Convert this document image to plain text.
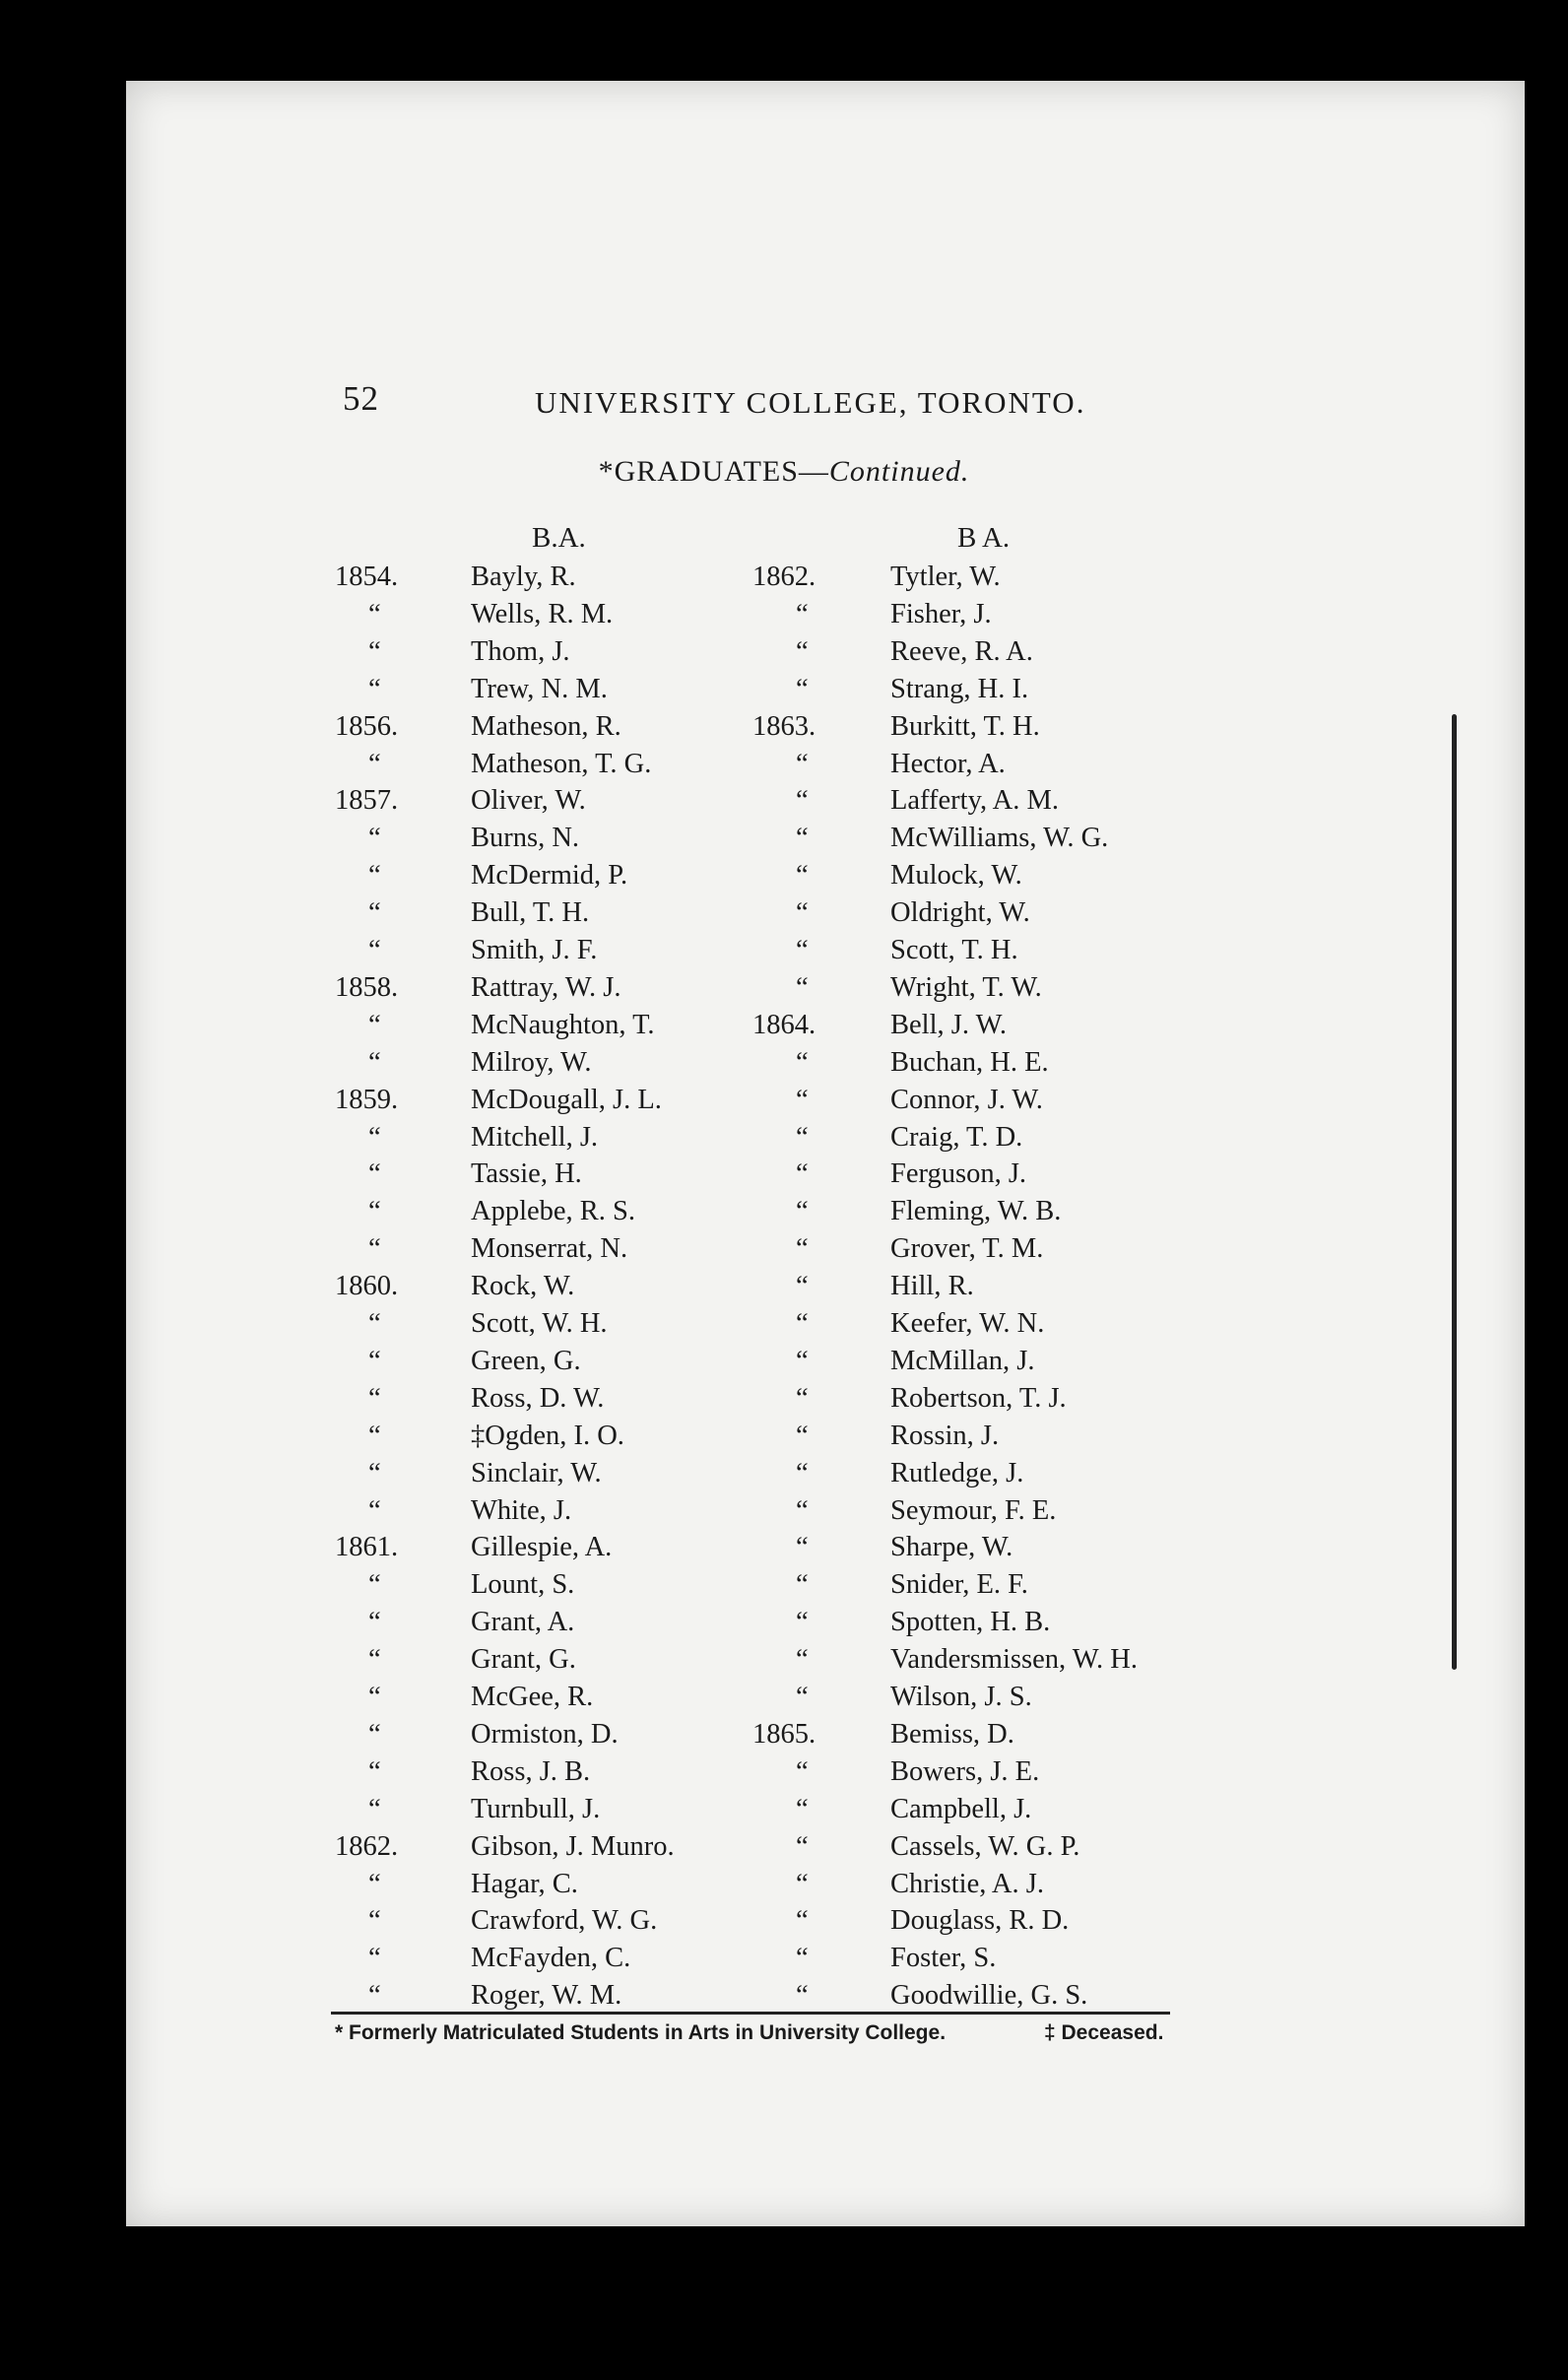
52	UNIVERSITY COLLEGE, TORONTO.
*GRADUATES—Continued.
B.A.	B A.
1854.	Bayly, R.	1862.	Tytler, W.
“	Wells, R. M.	“	Fisher, J.
“	Thom, J.	“	Reeve, R. A.
“	Trew, N. M.	“	Strang, H. I.
1856.	Matheson, R.	1863.	Burkitt, T. H.
“	Matheson, T. G.	“	Hector, A.
1857.	Oliver, W.	“	Lafferty, A. M.
“	Burns, N.	“	McWilliams, W. G.
“	McDermid, P.	“	Mulock, W.
“	Bull, T. H.	“	Oldright, W.
“	Smith, J. F.	“	Scott, T. H.
1858.	Rattray, W. J.	“	Wright, T. W.
“	McNaughton, T.	1864.	Bell, J. W.
“	Milroy, W.	“	Buchan, H. E.
1859.	McDougall, J. L.	“	Connor, J. W.
“	Mitchell, J.	“	Craig, T. D.
“	Tassie, H.	“	Ferguson, J.
“	Applebe, R. S.	“	Fleming, W. B.
“	Monserrat, N.	“	Grover, T. M.
1860.	Rock, W.	“	Hill, R.
“	Scott, W. H.	“	Keefer, W. N.
“	Green, G.	“	McMillan, J.
“	Ross, D. W.	“	Robertson, T. J.
“	‡Ogden, I. O.	“	Rossin, J.
“	Sinclair, W.	“	Rutledge, J.
“	White, J.	“	Seymour, F. E.
1861.	Gillespie, A.	“	Sharpe, W.
“	Lount, S.	“	Snider, E. F.
“	Grant, A.	“	Spotten, H. B.
“	Grant, G.	“	Vandersmissen, W. H.
“	McGee, R.	“	Wilson, J. S.
“	Ormiston, D.	1865.	Bemiss, D.
“	Ross, J. B.	“	Bowers, J. E.
“	Turnbull, J.	“	Campbell, J.
1862.	Gibson, J. Munro.	“	Cassels, W. G. P.
“	Hagar, C.	“	Christie, A. J.
“	Crawford, W. G.	“	Douglass, R. D.
“	McFayden, C.	“	Foster, S.
“	Roger, W. M.	“	Goodwillie, G. S.
* Formerly Matriculated Students in Arts in University College.	‡ Deceased.
